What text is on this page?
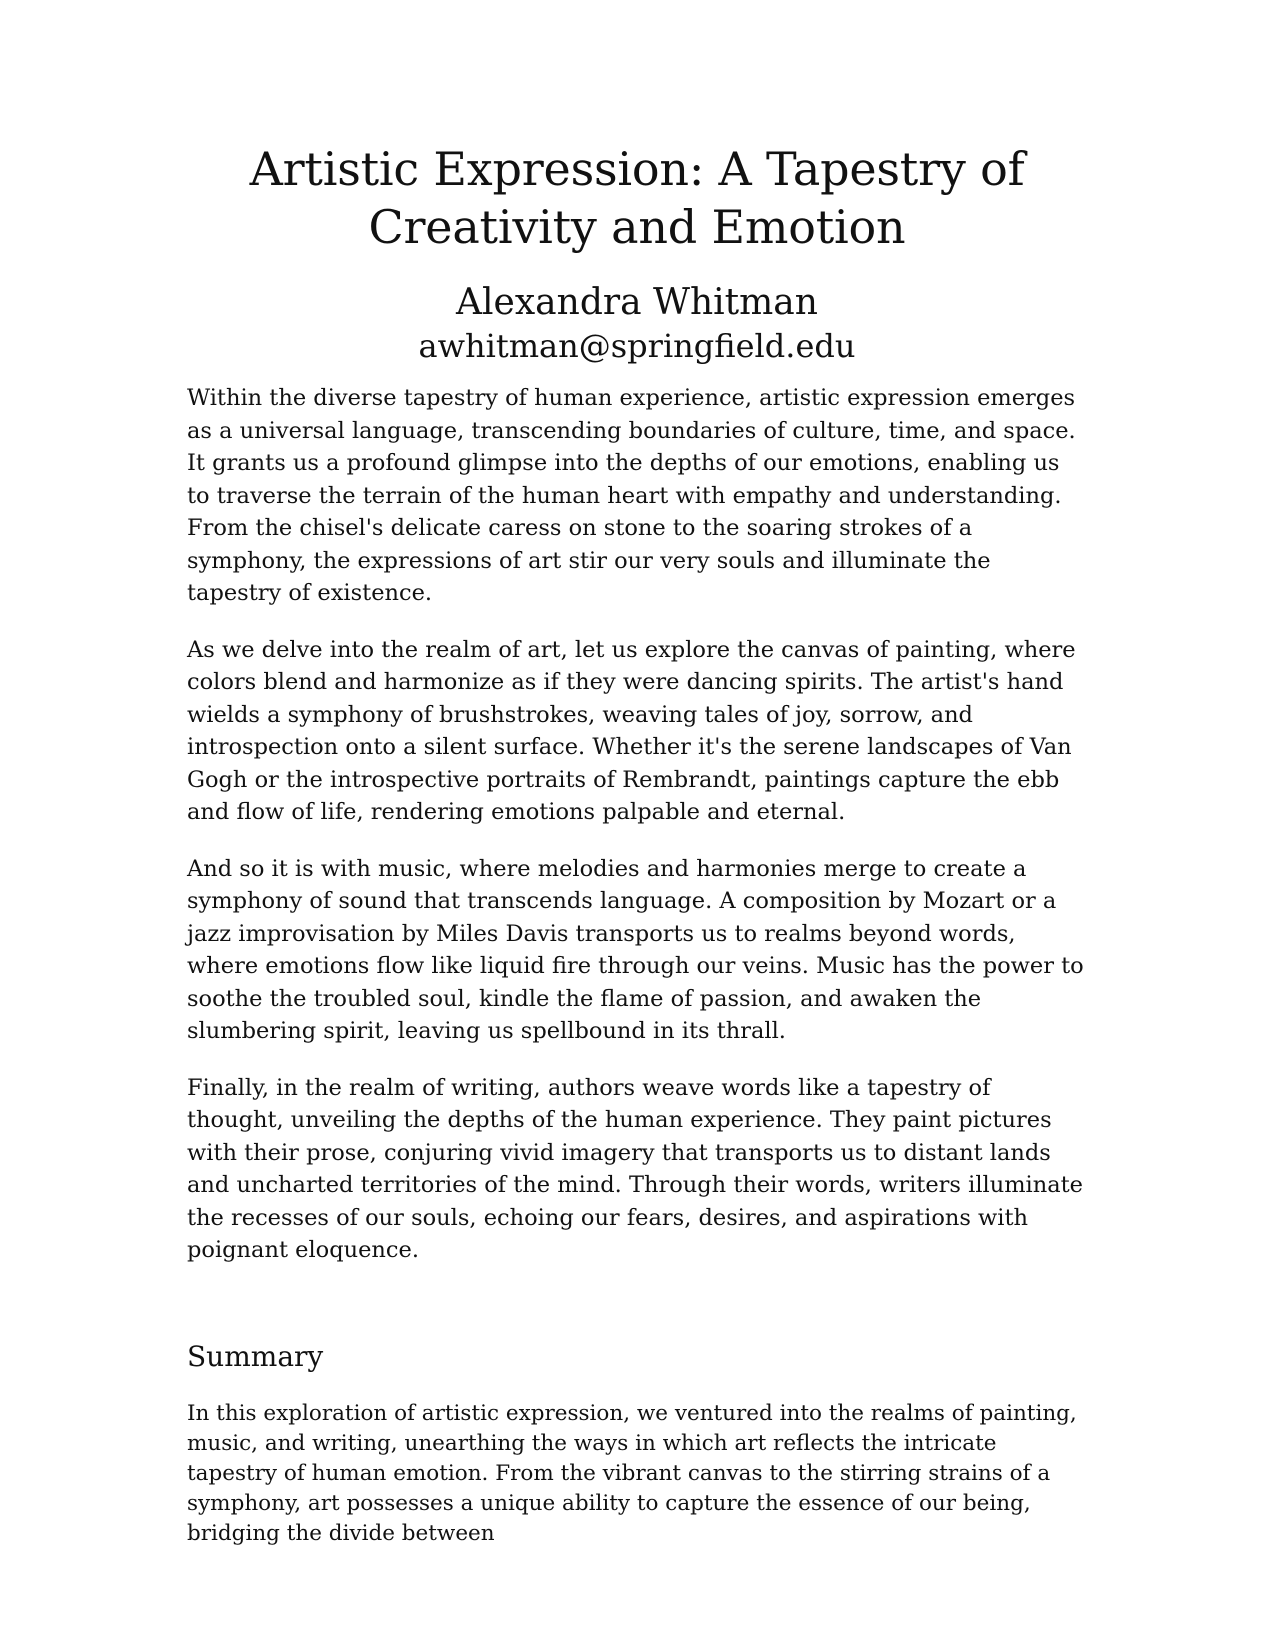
Artistic Expression: A Tapestry of Creativity and Emotion
Alexandra Whitman
awhitman@springfield.edu

Within the diverse tapestry of human experience, artistic expression emerges as a universal language, transcending boundaries of culture, time, and space. It grants us a profound glimpse into the depths of our emotions, enabling us to traverse the terrain of the human heart with empathy and understanding. From the chisel's delicate caress on stone to the soaring strokes of a symphony, the expressions of art stir our very souls and illuminate the tapestry of existence.

As we delve into the realm of art, let us explore the canvas of painting, where colors blend and harmonize as if they were dancing spirits. The artist's hand wields a symphony of brushstrokes, weaving tales of joy, sorrow, and introspection onto a silent surface. Whether it's the serene landscapes of Van Gogh or the introspective portraits of Rembrandt, paintings capture the ebb and flow of life, rendering emotions palpable and eternal.

And so it is with music, where melodies and harmonies merge to create a symphony of sound that transcends language. A composition by Mozart or a jazz improvisation by Miles Davis transports us to realms beyond words, where emotions flow like liquid fire through our veins. Music has the power to soothe the troubled soul, kindle the flame of passion, and awaken the slumbering spirit, leaving us spellbound in its thrall.

Finally, in the realm of writing, authors weave words like a tapestry of thought, unveiling the depths of the human experience. They paint pictures with their prose, conjuring vivid imagery that transports us to distant lands and uncharted territories of the mind. Through their words, writers illuminate the recesses of our souls, echoing our fears, desires, and aspirations with poignant eloquence.

Summary

In this exploration of artistic expression, we ventured into the realms of painting, music, and writing, unearthing the ways in which art reflects the intricate tapestry of human emotion. From the vibrant canvas to the stirring strains of a symphony, art possesses a unique ability to capture the essence of our being, bridging the divide between
